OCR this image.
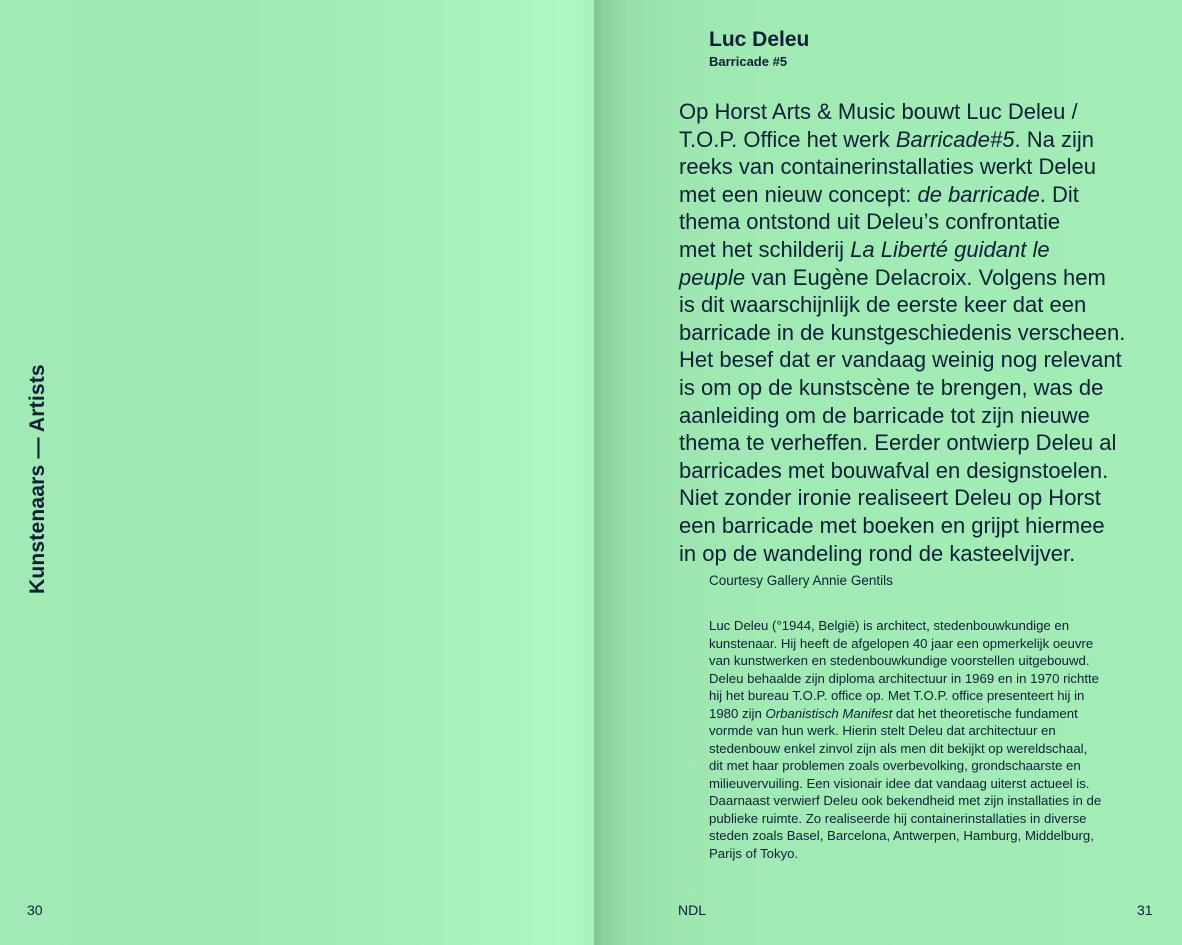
Kunstenaars — Artists
30
Luc Deleu
Barricade #5

Op Horst Arts & Music bouwt Luc Deleu /
T.O.P. Office het werk Barricade#5. Na zijn
reeks van containerinstallaties werkt Deleu
met een nieuw concept: de barricade. Dit
thema ontstond uit Deleu’s confrontatie
met het schilderij La Liberté guidant le
peuple van Eugène Delacroix. Volgens hem
is dit waarschijnlijk de eerste keer dat een
barricade in de kunstgeschiedenis verscheen.
Het besef dat er vandaag weinig nog relevant
is om op de kunstscène te brengen, was de
aanleiding om de barricade tot zijn nieuwe
thema te verheffen. Eerder ontwierp Deleu al
barricades met bouwafval en designstoelen.
Niet zonder ironie realiseert Deleu op Horst
een barricade met boeken en grijpt hiermee
in op de wandeling rond de kasteelvijver.

Courtesy Gallery Annie Gentils

Luc Deleu (°1944, België) is architect, stedenbouwkundige en
kunstenaar. Hij heeft de afgelopen 40 jaar een opmerkelijk oeuvre
van kunstwerken en stedenbouwkundige voorstellen uitgebouwd.
Deleu behaalde zijn diploma architectuur in 1969 en in 1970 richtte
hij het bureau T.O.P. office op. Met T.O.P. office presenteert hij in
1980 zijn Orbanistisch Manifest dat het theoretische fundament
vormde van hun werk. Hierin stelt Deleu dat architectuur en
stedenbouw enkel zinvol zijn als men dit bekijkt op wereldschaal,
dit met haar problemen zoals overbevolking, grondschaarste en
milieuvervuiling. Een visionair idee dat vandaag uiterst actueel is.
Daarnaast verwierf Deleu ook bekendheid met zijn installaties in de
publieke ruimte. Zo realiseerde hij containerinstallaties in diverse
steden zoals Basel, Barcelona, Antwerpen, Hamburg, Middelburg,
Parijs of Tokyo.

NDL	31
